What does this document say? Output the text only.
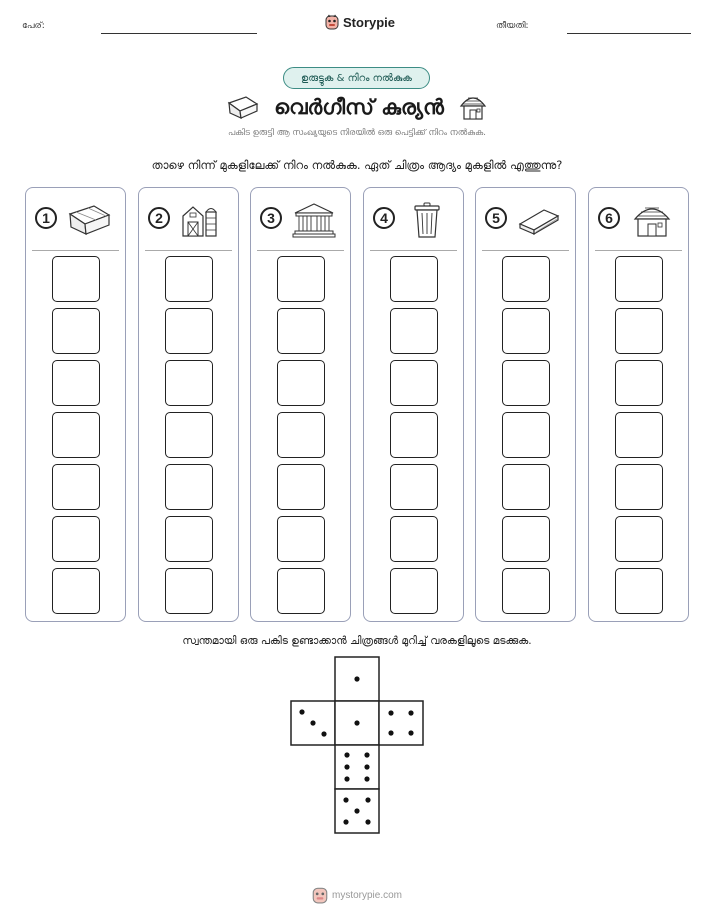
പേര്:	Storypie	തീയതി:
ഉരുട്ടുക & നിറം നൽകുക
വെർഗീസ് കുര്യൻ
പകിട ഉരുട്ടി ആ സംഖ്യയുടെ നിരയിൽ ഒരു പെട്ടിക്ക് നിറം നൽകുക.
താഴെ നിന്ന് മുകളിലേക്ക് നിറം നൽകുക. ഏത് ചിത്രം ആദ്യം മുകളിൽ എത്തുന്നു?
1	2	3	4	5	6
സ്വന്തമായി ഒരു പകിട ഉണ്ടാക്കാൻ ചിത്രങ്ങൾ മുറിച്ച് വരകളിലൂടെ മടക്കുക.
mystorypie.com
